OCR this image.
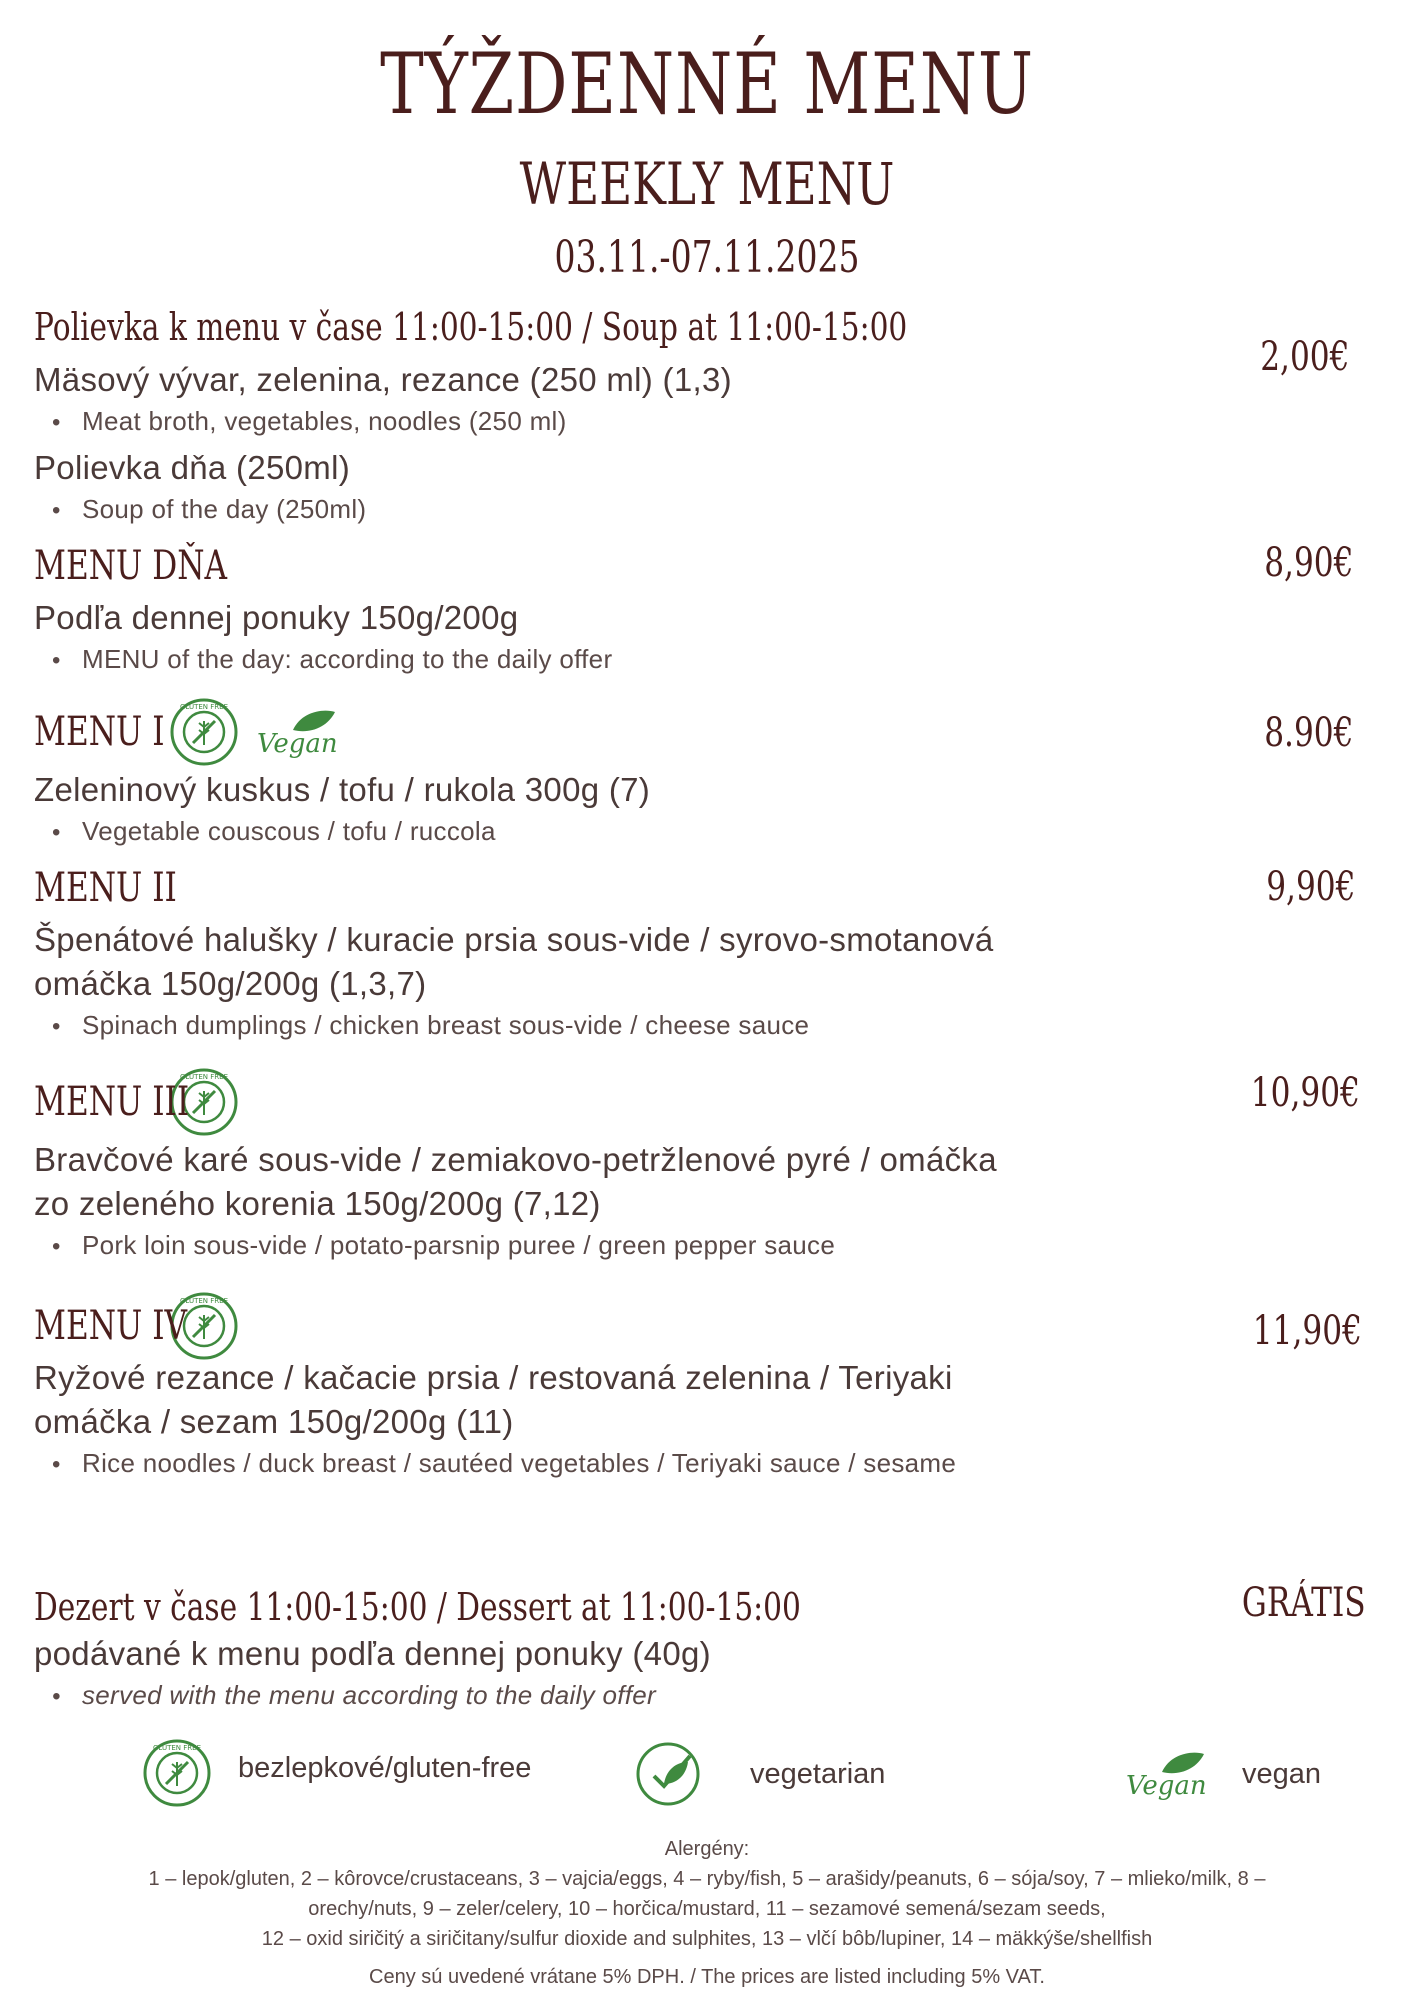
TÝŽDENNÉ MENU
WEEKLY MENU
03.11.-07.11.2025
Polievka k menu v čase 11:00-15:00 / Soup at 11:00-15:00
Mäsový vývar, zelenina, rezance (250 ml) (1,3)
• Meat broth, vegetables, noodles (250 ml)
Polievka dňa (250ml)
• Soup of the day (250ml)
2,00€
MENU DŇA
Podľa dennej ponuky 150g/200g
• MENU of the day: according to the daily offer
8,90€
MENU I
GLUTEN FREE
Vegan
Zeleninový kuskus / tofu / rukola 300g (7)
• Vegetable couscous / tofu / ruccola
8.90€
MENU II
Špenátové halušky / kuracie prsia sous-vide / syrovo-smotanová
omáčka 150g/200g (1,3,7)
• Spinach dumplings / chicken breast sous-vide / cheese sauce
9,90€
MENU III
GLUTEN FREE
Bravčové karé sous-vide / zemiakovo-petržlenové pyré / omáčka
zo zeleného korenia 150g/200g (7,12)
• Pork loin sous-vide / potato-parsnip puree / green pepper sauce
10,90€
MENU IV
GLUTEN FREE
Ryžové rezance / kačacie prsia / restovaná zelenina / Teriyaki
omáčka / sezam 150g/200g (11)
• Rice noodles / duck breast / sautéed vegetables / Teriyaki sauce / sesame
11,90€
Dezert v čase 11:00-15:00 / Dessert at 11:00-15:00
podávané k menu podľa dennej ponuky (40g)
• served with the menu according to the daily offer
GRÁTIS
GLUTEN FREE
bezlepkové/gluten-free	vegetarian	Vegan vegan
Alergény:
1 – lepok/gluten, 2 – kôrovce/crustaceans, 3 – vajcia/eggs, 4 – ryby/fish, 5 – arašidy/peanuts, 6 – sója/soy, 7 – mlieko/milk, 8 –
orechy/nuts, 9 – zeler/celery, 10 – horčica/mustard, 11 – sezamové semená/sezam seeds,
12 – oxid siričitý a siričitany/sulfur dioxide and sulphites, 13 – vlčí bôb/lupiner, 14 – mäkkýše/shellfish
Ceny sú uvedené vrátane 5% DPH. / The prices are listed including 5% VAT.
